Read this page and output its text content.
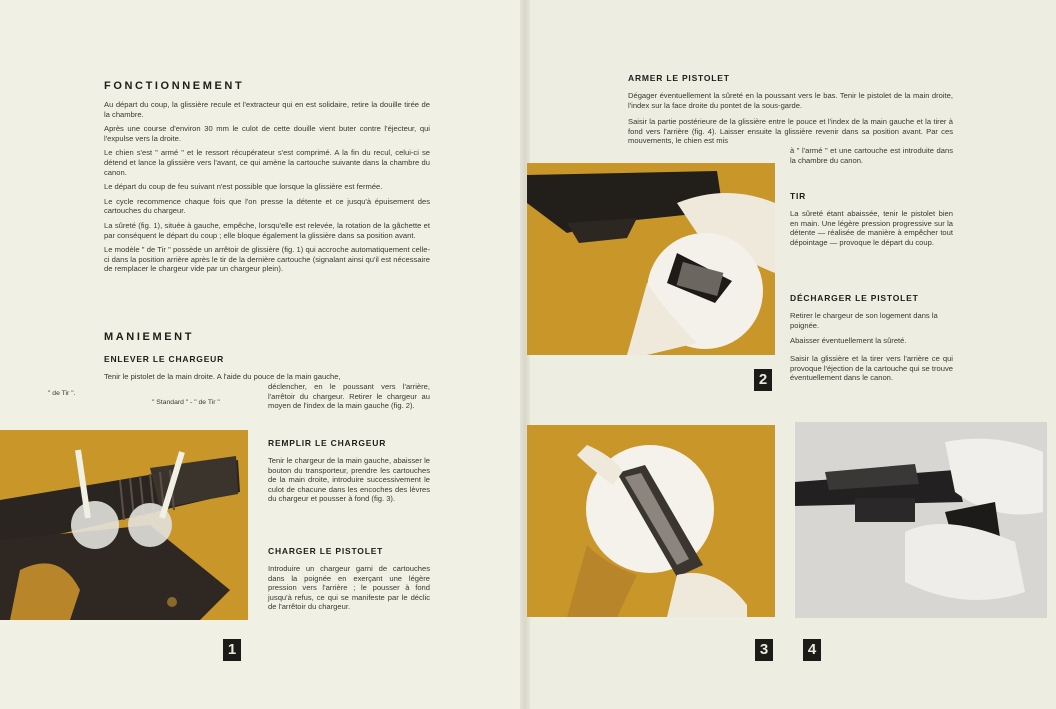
FONCTIONNEMENT
Au départ du coup, la glissière recule et l'extracteur qui en est solidaire, retire la douille tirée de la chambre.
Après une course d'environ 30 mm le culot de cette douille vient buter contre l'éjecteur, qui l'expulse vers la droite.
Le chien s'est " armé " et le ressort récupérateur s'est comprimé. A la fin du recul, celui-ci se détend et lance la glissière vers l'avant, ce qui amène la cartouche suivante dans la chambre du canon.
Le départ du coup de feu suivant n'est possible que lorsque la glissière est fermée.
Le cycle recommence chaque fois que l'on presse la détente et ce jusqu'à épuisement des cartouches du chargeur.
La sûreté (fig. 1), située à gauche, empêche, lorsqu'elle est relevée, la rotation de la gâchette et par conséquent le départ du coup ; elle bloque également la glissière dans sa position avant.
Le modèle " de Tir " possède un arrêtoir de glissière (fig. 1) qui accroche automatiquement celle-ci dans la position arrière après le tir de la dernière cartouche (signalant ainsi qu'il est nécessaire de remplacer le chargeur vide par un chargeur plein).
MANIEMENT
ENLEVER LE CHARGEUR
Tenir le pistolet de la main droite. A l'aide du pouce de la main gauche,
déclencher, en le poussant vers l'arrière, l'arrêtoir du chargeur. Retirer le chargeur au moyen de l'index de la main gauche (fig. 2).
" de Tir ".
" Standard " - " de Tir "
REMPLIR LE CHARGEUR
Tenir le chargeur de la main gauche, abaisser le bouton du transporteur, prendre les cartouches de la main droite, introduire successivement le culot de chacune dans les encoches des lèvres du chargeur et pousser à fond (fig. 3).
CHARGER LE PISTOLET
Introduire un chargeur garni de cartouches dans la poignée en exerçant une légère pression vers l'arrière ; le pousser à fond jusqu'à refus, ce qui se manifeste par le déclic de l'arrêtoir du chargeur.
1
ARMER LE PISTOLET
Dégager éventuellement la sûreté en la poussant vers le bas. Tenir le pistolet de la main droite, l'index sur la face droite du pontet de la sous-garde.
Saisir la partie postérieure de la glissière entre le pouce et l'index de la main gauche et la tirer à fond vers l'arrière (fig. 4). Laisser ensuite la glissière revenir dans sa position avant. Par ces mouvements, le chien est mis
à " l'armé " et une cartouche est introduite dans la chambre du canon.
TIR
La sûreté étant abaissée, tenir le pistolet bien en main. Une légère pression progressive sur la détente — réalisée de manière à empêcher tout dépointage — provoque le départ du coup.
DÉCHARGER LE PISTOLET
Retirer le chargeur de son logement dans la poignée.
Abaisser éventuellement la sûreté.
Saisir la glissière et la tirer vers l'arrière ce qui provoque l'éjection de la cartouche qui se trouve éventuellement dans le canon.
2
3	4
